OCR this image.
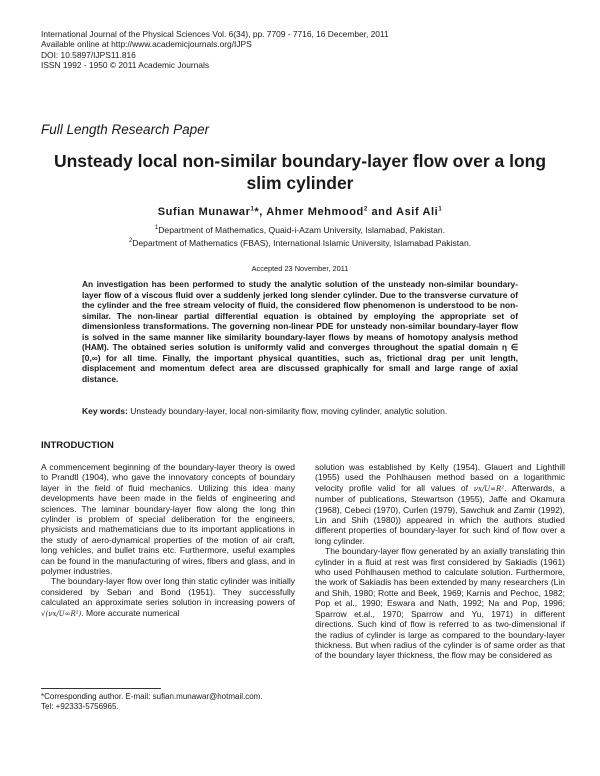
International Journal of the Physical Sciences Vol. 6(34), pp. 7709 - 7716, 16 December, 2011
Available online at http://www.academicjournals.org/IJPS
DOI: 10.5897/IJPS11.816
ISSN 1992 - 1950 © 2011 Academic Journals
Full Length Research Paper
Unsteady local non-similar boundary-layer flow over a long slim cylinder
Sufian Munawar$^1$*, Ahmer Mehmood$^2$ and Asif Ali$^1$
$^1$Department of Mathematics, Quaid-i-Azam University, Islamabad, Pakistan.
$^2$Department of Mathematics (FBAS), International Islamic University, Islamabad Pakistan.
Accepted 23 November, 2011
An investigation has been performed to study the analytic solution of the unsteady non-similar boundary-layer flow of a viscous fluid over a suddenly jerked long slender cylinder. Due to the transverse curvature of the cylinder and the free stream velocity of fluid, the considered flow phenomenon is understood to be non-similar. The non-linear partial differential equation is obtained by employing the appropriate set of dimensionless transformations. The governing non-linear PDE for unsteady non-similar boundary-layer flow is solved in the same manner like similarity boundary-layer flows by means of homotopy analysis method (HAM). The obtained series solution is uniformly valid and converges throughout the spatial domain η ∈ [0,∞) for all time. Finally, the important physical quantities, such as, frictional drag per unit length, displacement and momentum defect area are discussed graphically for small and large range of axial distance.
Key words: Unsteady boundary-layer, local non-similarity flow, moving cylinder, analytic solution.
INTRODUCTION

A commencement beginning of the boundary-layer theory is owed to Prandtl (1904), who gave the innovatory concepts of boundary layer in the field of fluid mechanics. Utilizing this idea many developments have been made in the fields of engineering and sciences. The laminar boundary-layer flow along the long thin cylinder is problem of special deliberation for the engineers, physicists and mathematicians due to its important applications in the study of aero-dynamical properties of the motion of air craft, long vehicles, and bullet trains etc. Furthermore, useful examples can be found in the manufacturing of wires, fibers and glass, and in polymer industries.

The boundary-layer flow over long thin static cylinder was initially considered by Seban and Bond (1951). They successfully calculated an approximate series solution in increasing powers of √(νx/U∞R²). More accurate numerical

solution was established by Kelly (1954). Glauert and Lighthill (1955) used the Pohlhausen method based on a logarithmic velocity profile valid for all values of νx/U∞R². Afterwards, a number of publications, Stewartson (1955), Jaffe and Okamura (1968), Cebeci (1970), Curlen (1979), Sawchuk and Zamir (1992), Lin and Shih (1980)) appeared in which the authors studied different properties of boundary-layer for such kind of flow over a long cylinder.

The boundary-layer flow generated by an axially translating thin cylinder in a fluid at rest was first considered by Sakiadis (1961) who used Pohlhausen method to calculate solution. Furthermore, the work of Sakiadis has been extended by many researchers (Lin and Shih, 1980; Rotte and Beek, 1969; Karnis and Pechoc, 1982; Pop et al., 1990; Eswara and Nath, 1992; Na and Pop, 1996; Sparrow et.al., 1970; Sparrow and Yu, 1971) in different directions. Such kind of flow is referred to as two-dimensional if the radius of cylinder is large as compared to the boundary-layer thickness. But when radius of the cylinder is of same order as that of the boundary layer thickness, the flow may be considered as

*Corresponding author. E-mail: sufian.munawar@hotmail.com.
Tel: +92333-5756965.
